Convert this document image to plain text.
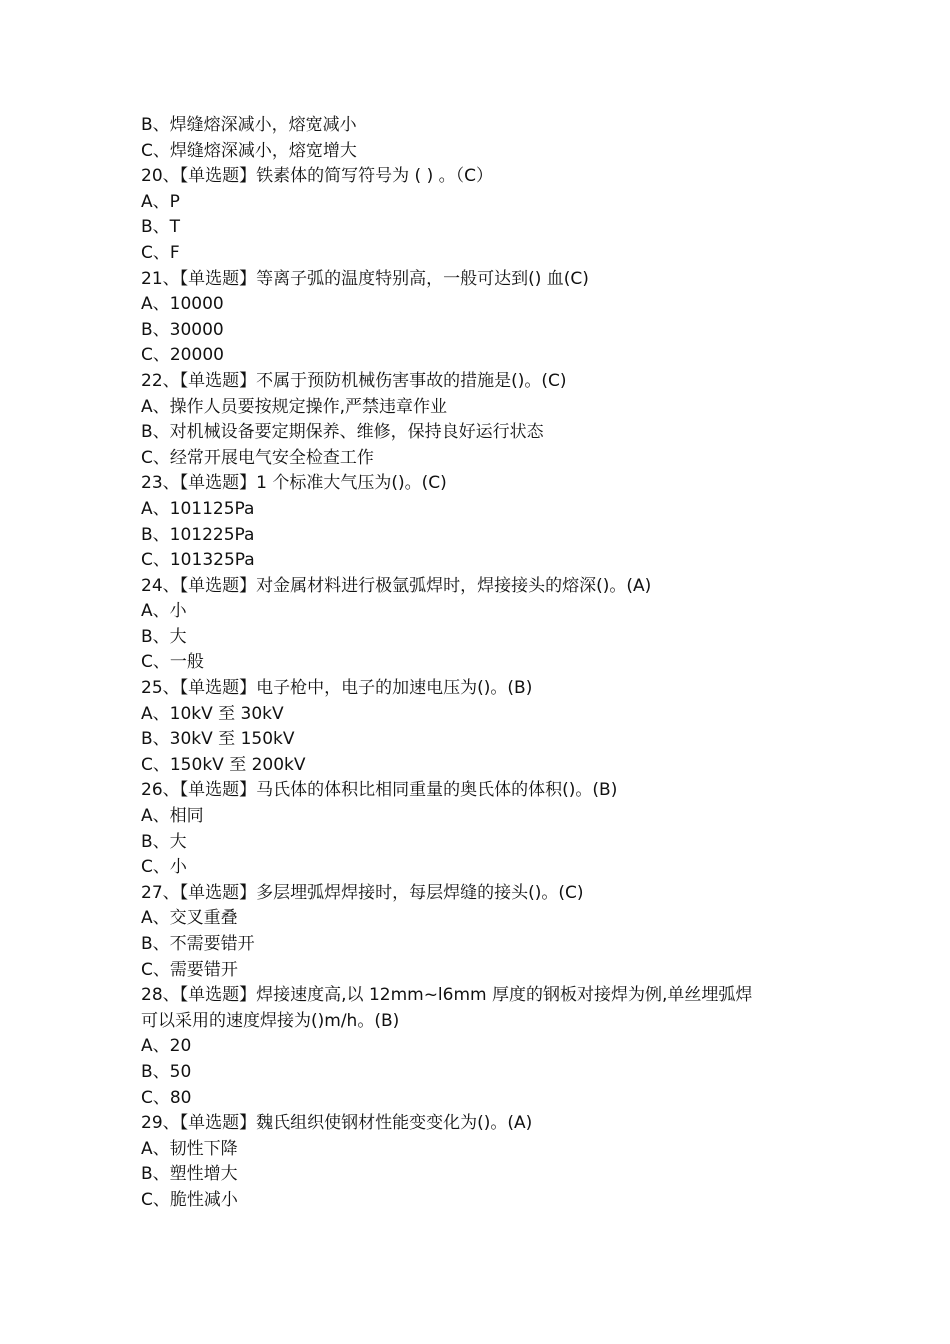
B、焊缝熔深减小，熔宽减小
C、焊缝熔深减小，熔宽增大
20、【单选题】铁素体的简写符号为 ( ) 。（C）
A、P
B、T
C、F
21、【单选题】等离子弧的温度特别高，一般可达到() 血(C)
A、10000
B、30000
C、20000
22、【单选题】不属于预防机械伤害事故的措施是()。(C)
A、操作人员要按规定操作,严禁违章作业
B、对机械设备要定期保养、维修，保持良好运行状态
C、经常开展电气安全检查工作
23、【单选题】1 个标准大气压为()。(C)
A、101125Pa
B、101225Pa
C、101325Pa
24、【单选题】对金属材料进行极氩弧焊时，焊接接头的熔深()。(A)
A、小
B、大
C、一般
25、【单选题】电子枪中，电子的加速电压为()。(B)
A、10kV 至 30kV
B、30kV 至 150kV
C、150kV 至 200kV
26、【单选题】马氏体的体积比相同重量的奥氏体的体积()。(B)
A、相同
B、大
C、小
27、【单选题】多层埋弧焊焊接时，每层焊缝的接头()。(C)
A、交叉重叠
B、不需要错开
C、需要错开
28、【单选题】焊接速度高,以 12mm~l6mm 厚度的钢板对接焊为例,单丝埋弧焊
可以采用的速度焊接为()m/h。(B)
A、20
B、50
C、80
29、【单选题】魏氏组织使钢材性能变变化为()。(A)
A、韧性下降
B、塑性增大
C、脆性减小
